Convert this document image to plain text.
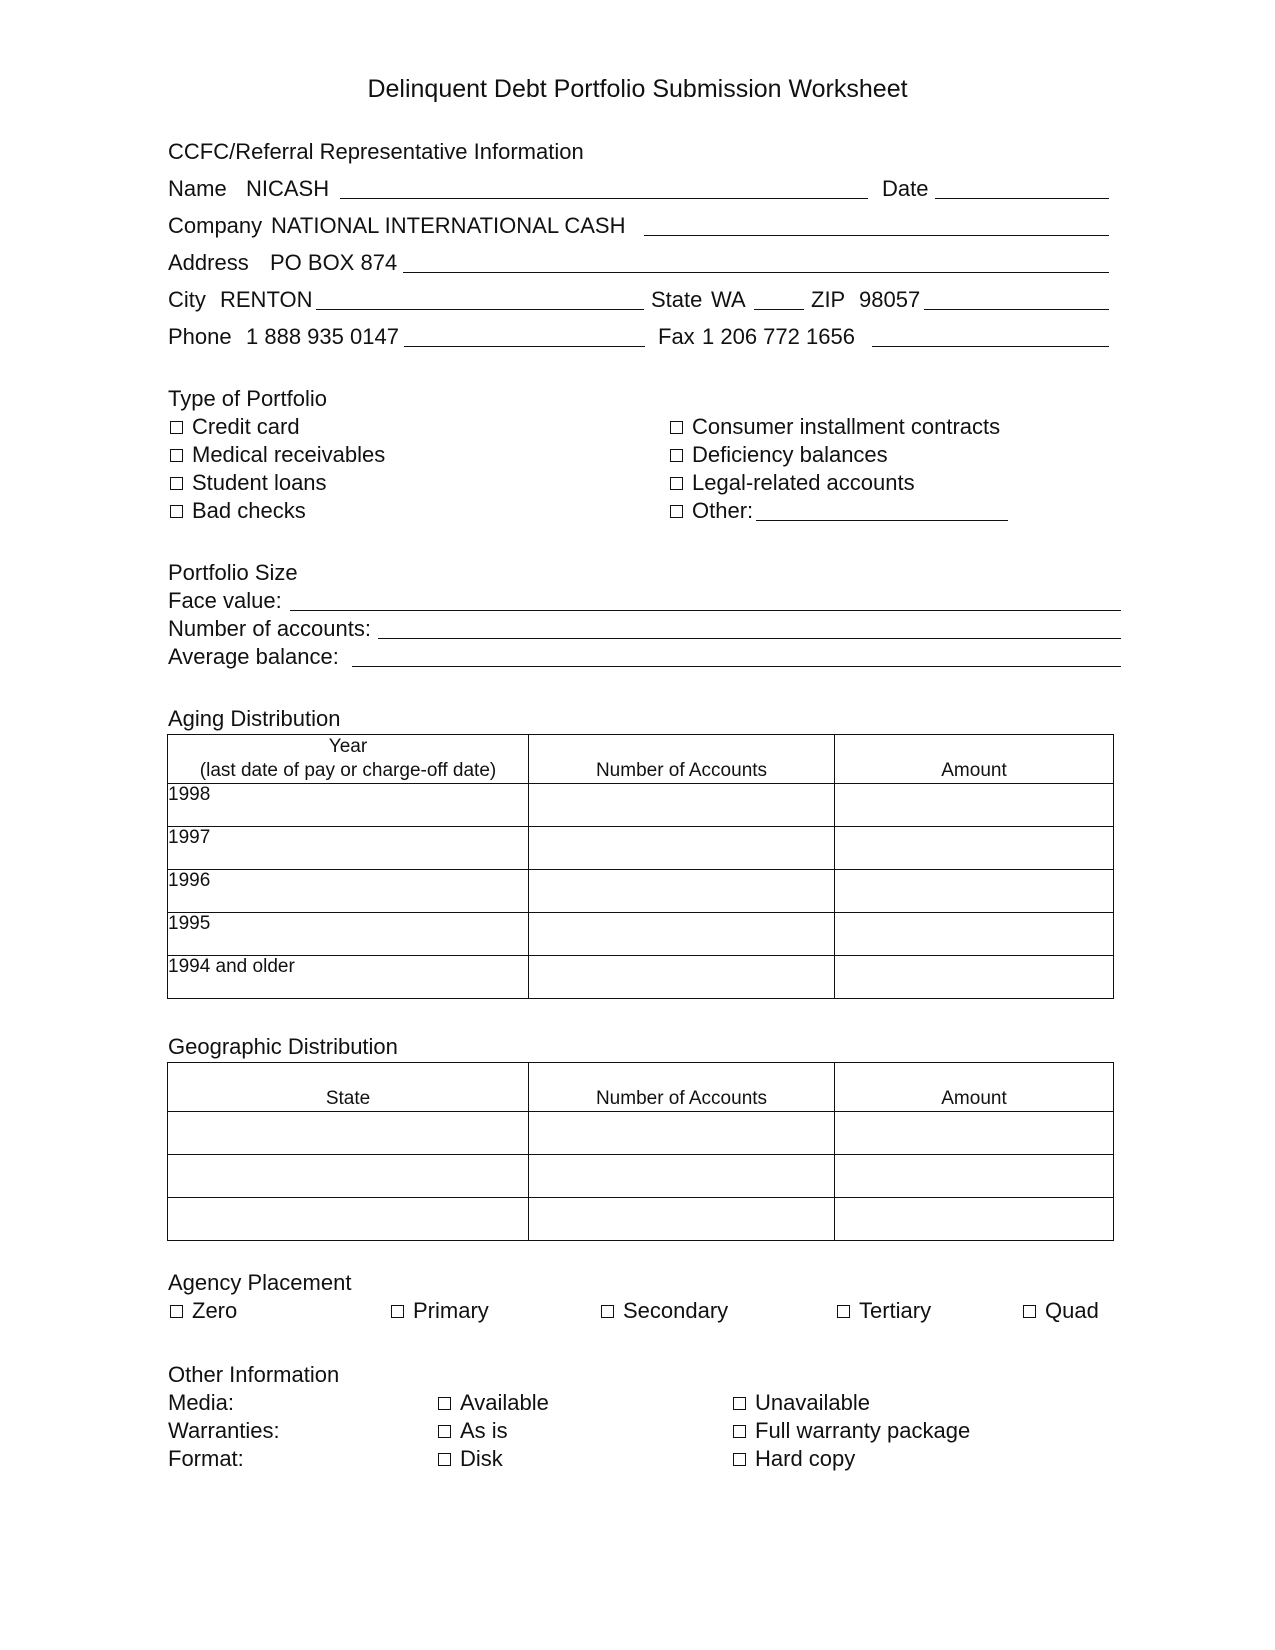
Delinquent Debt Portfolio Submission Worksheet
CCFC/Referral Representative Information
Name NICASH	Date
Company NATIONAL INTERNATIONAL CASH
Address PO BOX 874
City RENTON	State WA	ZIP 98057
Phone 1 888 935 0147	Fax 1 206 772 1656
Type of Portfolio
Credit card
Medical receivables
Student loans
Bad checks
Consumer installment contracts
Deficiency balances
Legal-related accounts
Other:
Portfolio Size
Face value:
Number of accounts:
Average balance:
Aging Distribution
Year
(last date of pay or charge-off date)	Number of Accounts	Amount
1998		
1997		
1996		
1995		
1994 and older		
Geographic Distribution
State	Number of Accounts	Amount

Agency Placement
Zero	Primary	Secondary	Tertiary	Quad
Other Information
Media:	Available	Unavailable
Warranties:	As is	Full warranty package
Format:	Disk	Hard copy
